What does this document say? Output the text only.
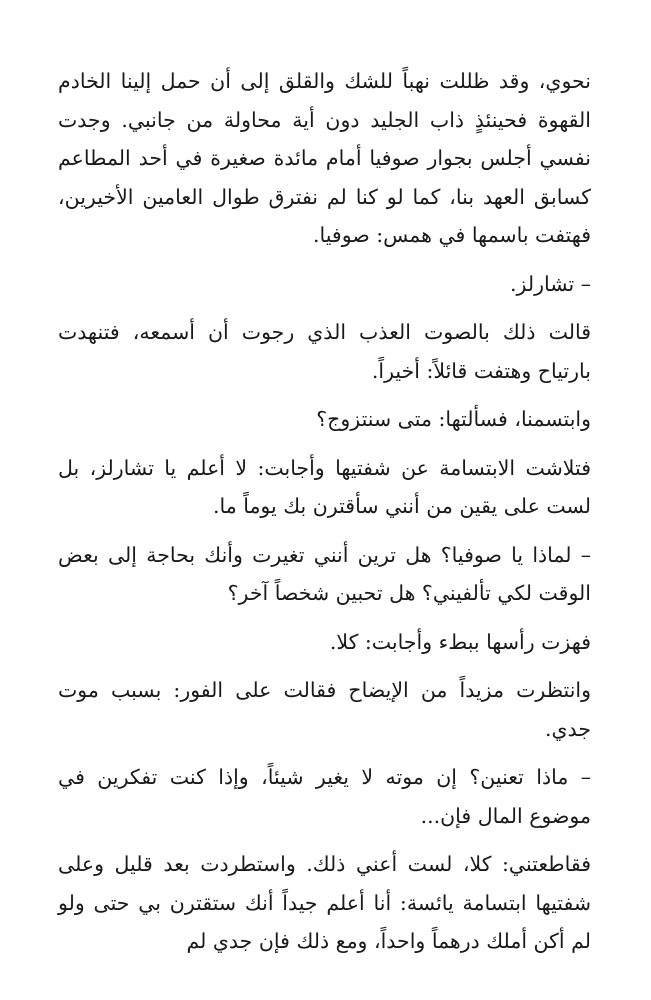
نحوي، وقد ظللت نهباً للشك والقلق إلى أن حمل إلينا الخادم القهوة فحينئذٍ ذاب الجليد دون أية محاولة من جانبي. وجدت نفسي أجلس بجوار صوفيا أمام مائدة صغيرة في أحد المطاعم كسابق العهد بنا، كما لو كنا لم نفترق طوال العامين الأخيرين، فهتفت باسمها في همس: صوفيا.

– تشارلز.

قالت ذلك بالصوت العذب الذي رجوت أن أسمعه، فتنهدت بارتياح وهتفت قائلاً: أخيراً.

وابتسمنا، فسألتها: متى سنتزوج؟

فتلاشت الابتسامة عن شفتيها وأجابت: لا أعلم يا تشارلز، بل لست على يقين من أنني سأقترن بك يوماً ما.

– لماذا يا صوفيا؟ هل ترين أنني تغيرت وأنك بحاجة إلى بعض الوقت لكي تألفيني؟ هل تحبين شخصاً آخر؟

فهزت رأسها ببطء وأجابت: كلا.

وانتظرت مزيداً من الإيضاح فقالت على الفور: بسبب موت جدي.

– ماذا تعنين؟ إن موته لا يغير شيئاً، وإذا كنت تفكرين في موضوع المال فإن...

فقاطعتني: كلا، لست أعني ذلك. واستطردت بعد قليل وعلى شفتيها ابتسامة يائسة: أنا أعلم جيداً أنك ستقترن بي حتى ولو لم أكن أملك درهماً واحداً، ومع ذلك فإن جدي لم
